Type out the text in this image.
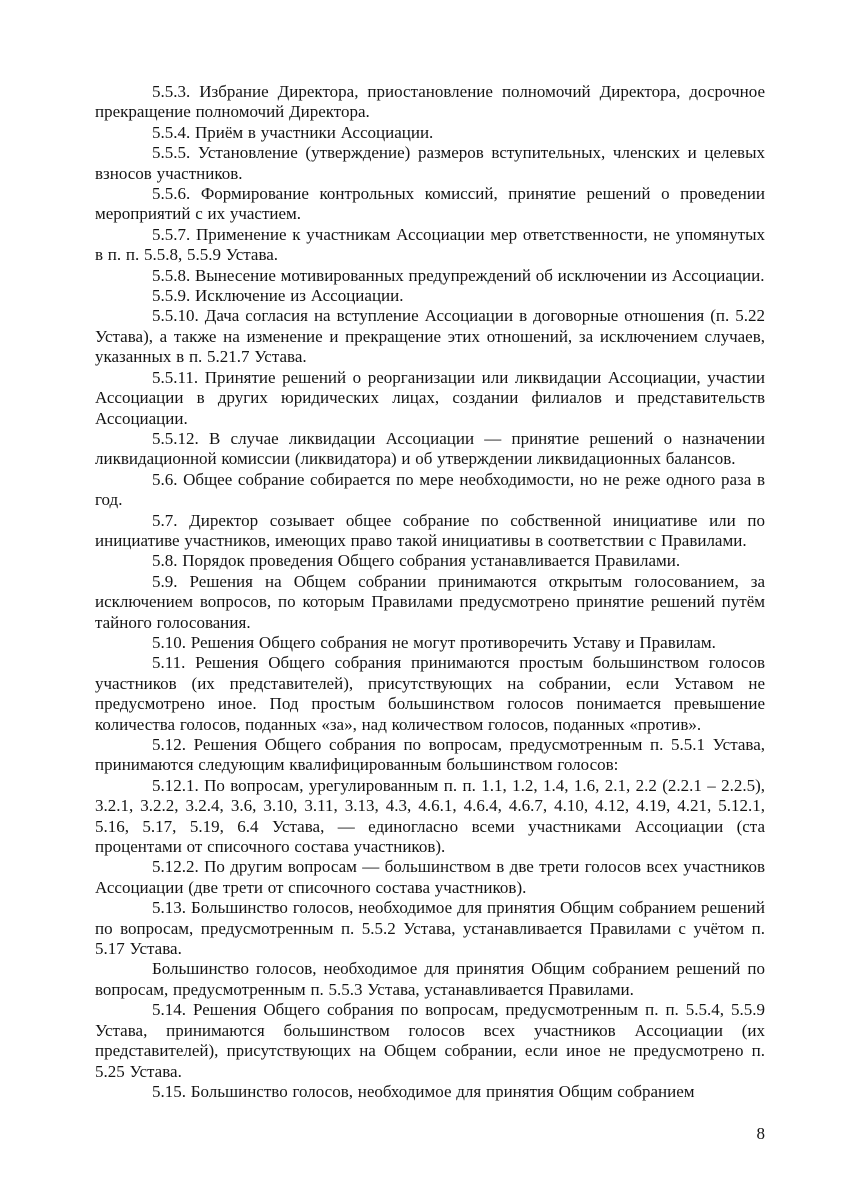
5.5.3. Избрание Директора, приостановление полномочий Директора, досрочное прекращение полномочий Директора.

5.5.4. Приём в участники Ассоциации.

5.5.5. Установление (утверждение) размеров вступительных, членских и целевых взносов участников.

5.5.6. Формирование контрольных комиссий, принятие решений о проведении мероприятий с их участием.

5.5.7. Применение к участникам Ассоциации мер ответственности, не упомянутых в п. п. 5.5.8, 5.5.9 Устава.

5.5.8. Вынесение мотивированных предупреждений об исключении из Ассоциации.

5.5.9. Исключение из Ассоциации.

5.5.10. Дача согласия на вступление Ассоциации в договорные отношения (п. 5.22 Устава), а также на изменение и прекращение этих отношений, за исключением случаев, указанных в п. 5.21.7 Устава.

5.5.11. Принятие решений о реорганизации или ликвидации Ассоциации, участии Ассоциации в других юридических лицах, создании филиалов и представительств Ассоциации.

5.5.12. В случае ликвидации Ассоциации — принятие решений о назначении ликвидационной комиссии (ликвидатора) и об утверждении ликвидационных балансов.

5.6. Общее собрание собирается по мере необходимости, но не реже одного раза в год.

5.7. Директор созывает общее собрание по собственной инициативе или по инициативе участников, имеющих право такой инициативы в соответствии с Правилами.

5.8. Порядок проведения Общего собрания устанавливается Правилами.

5.9. Решения на Общем собрании принимаются открытым голосованием, за исключением вопросов, по которым Правилами предусмотрено принятие решений путём тайного голосования.

5.10. Решения Общего собрания не могут противоречить Уставу и Правилам.

5.11. Решения Общего собрания принимаются простым большинством голосов участников (их представителей), присутствующих на собрании, если Уставом не предусмотрено иное. Под простым большинством голосов понимается превышение количества голосов, поданных «за», над количеством голосов, поданных «против».

5.12. Решения Общего собрания по вопросам, предусмотренным п. 5.5.1 Устава, принимаются следующим квалифицированным большинством голосов:

5.12.1. По вопросам, урегулированным п. п. 1.1, 1.2, 1.4, 1.6, 2.1, 2.2 (2.2.1 – 2.2.5), 3.2.1, 3.2.2, 3.2.4, 3.6, 3.10, 3.11, 3.13, 4.3, 4.6.1, 4.6.4, 4.6.7, 4.10, 4.12, 4.19, 4.21, 5.12.1, 5.16, 5.17, 5.19, 6.4 Устава, — единогласно всеми участниками Ассоциации (ста процентами от списочного состава участников).

5.12.2. По другим вопросам — большинством в две трети голосов всех участников Ассоциации (две трети от списочного состава участников).

5.13. Большинство голосов, необходимое для принятия Общим собранием решений по вопросам, предусмотренным п. 5.5.2 Устава, устанавливается Правилами с учётом п. 5.17 Устава.

Большинство голосов, необходимое для принятия Общим собранием решений по вопросам, предусмотренным п. 5.5.3 Устава, устанавливается Правилами.

5.14. Решения Общего собрания по вопросам, предусмотренным п. п. 5.5.4, 5.5.9 Устава, принимаются большинством голосов всех участников Ассоциации (их представителей), присутствующих на Общем собрании, если иное не предусмотрено п. 5.25 Устава.

5.15. Большинство голосов, необходимое для принятия Общим собранием

8
